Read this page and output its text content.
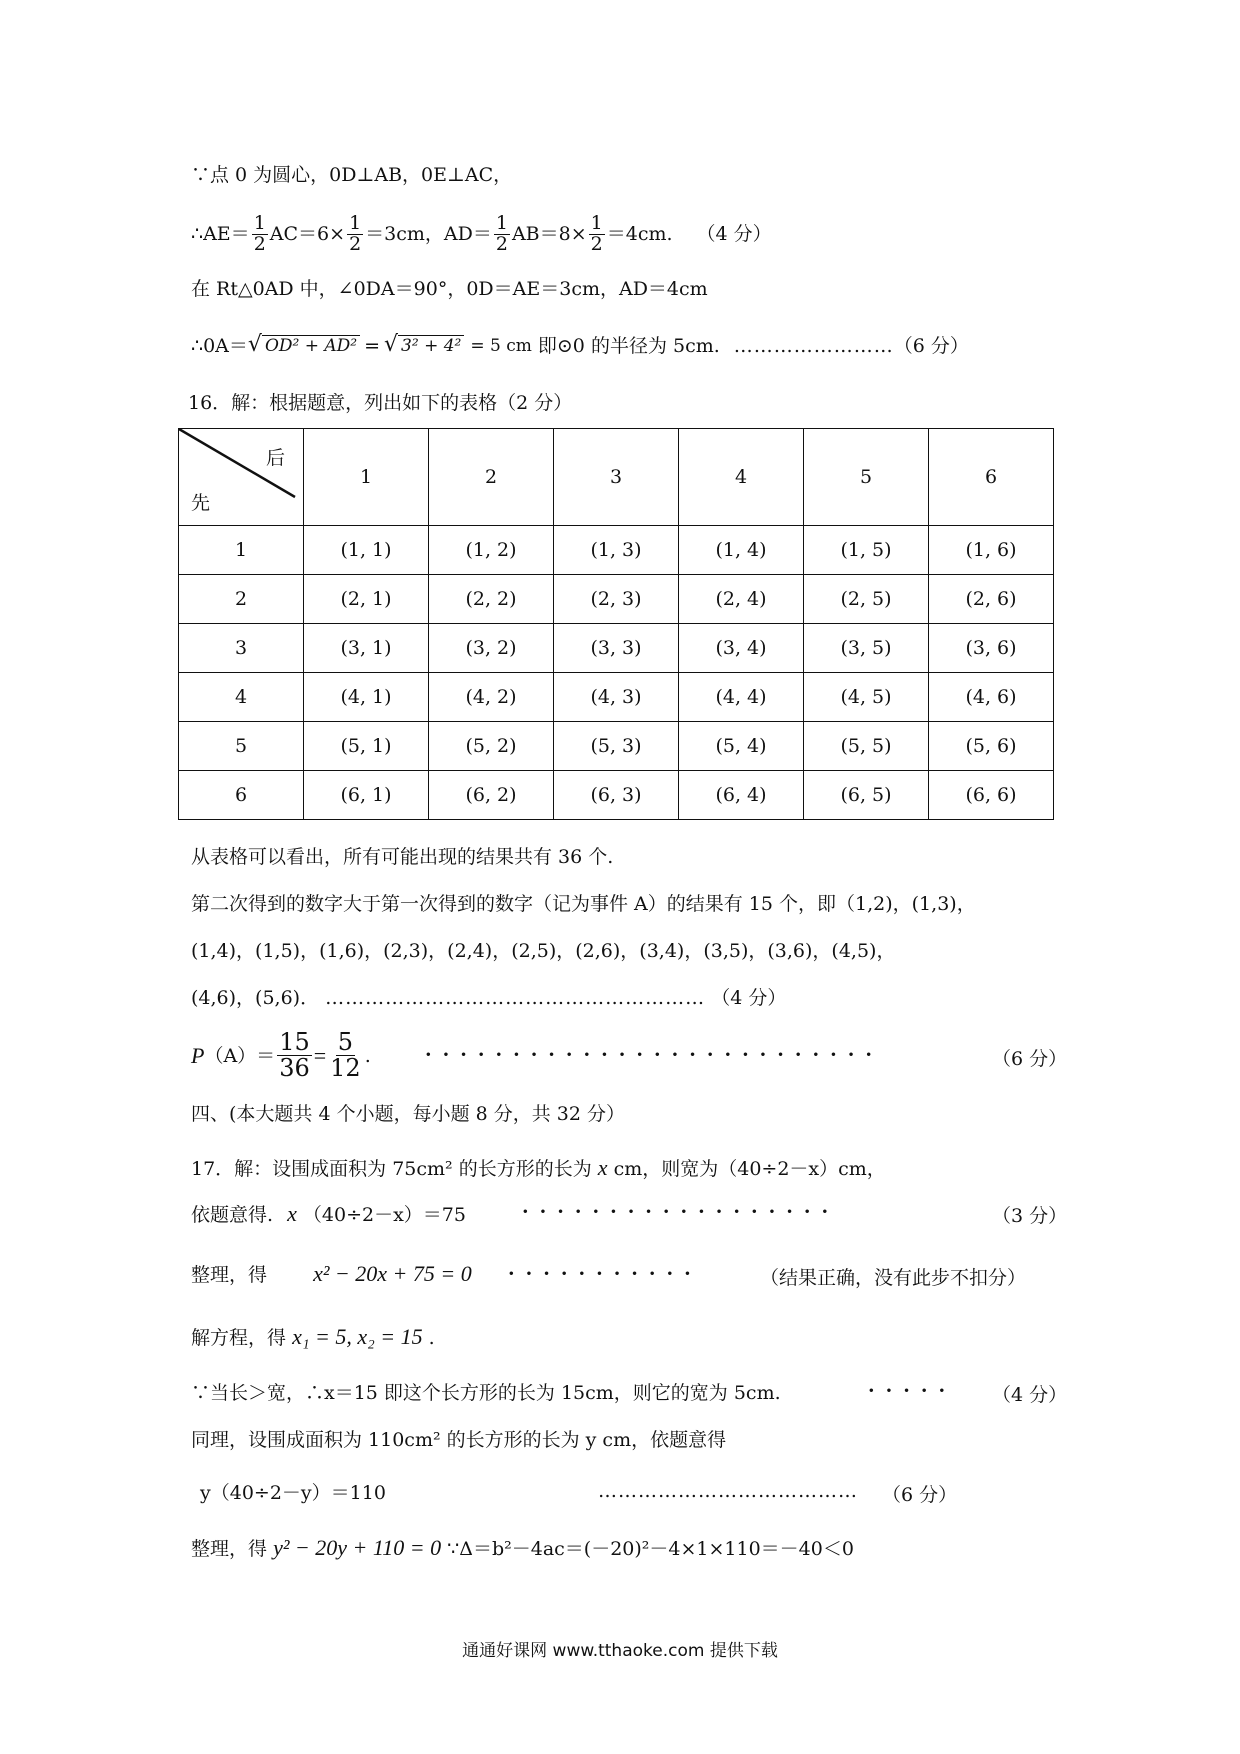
∵点 0 为圆心，0D⊥AB，0E⊥AC，
∴AE＝ $\frac{1}{2} AC=6\times \frac{1}{2} =3cm$，$AD= \frac{1}{2} AB=8\times \frac{1}{2} =4cm$. （4 分）
在 Rt△0AD 中，∠0DA＝90°，0D＝AE＝3cm，AD＝4cm
∴0A＝ √ OD² + AD² = √ 3² + 4² = 5 cm 即⊙0 的半径为 5cm. …………………… （6 分）
16．解：根据题意，列出如下的表格（2 分）
后
先	1	2	3	4	5	6
1	(1, 1)	(1, 2)	(1, 3)	(1, 4)	(1, 5)	(1, 6)
2	(2, 1)	(2, 2)	(2, 3)	(2, 4)	(2, 5)	(2, 6)
3	(3, 1)	(3, 2)	(3, 3)	(3, 4)	(3, 5)	(3, 6)
4	(4, 1)	(4, 2)	(4, 3)	(4, 4)	(4, 5)	(4, 6)
5	(5, 1)	(5, 2)	(5, 3)	(5, 4)	(5, 5)	(5, 6)
6	(6, 1)	(6, 2)	(6, 3)	(6, 4)	(6, 5)	(6, 6)
从表格可以看出，所有可能出现的结果共有 36 个.
第二次得到的数字大于第一次得到的数字（记为事件 A）的结果有 15 个，即（1,2)，(1,3)，
(1,4)，(1,5)，(1,6)，(2,3)，(2,4)，(2,5)，(2,6)，(3,4)，(3,5)，(3,6)，(4,5)，
(4,6)，(5,6)． ………………………………………………… （4 分）
P $(A)= \frac{15}{36} = \frac{5}{12}$ .	··························	（6 分）
四、(本大题共 4 个小题，每小题 8 分，共 32 分）
17．解：设围成面积为 75cm² 的长方形的长为 x cm，则宽为（40÷2－x）cm，
依题意得. x （40÷2－x）＝75	··················	（3 分）
整理，得 x² − 20x + 75 = 0 ···········	（结果正确，没有此步不扣分）
解方程，得 x₁ = 5, x₂ = 15 .
∵当长＞宽，∴x＝15 即这个长方形的长为 15cm，则它的宽为 5cm.	····· （4 分）
同理，设围成面积为 110cm² 的长方形的长为 y cm，依题意得
y（40÷2－y）＝110	………………………………… （6 分）
整理，得 y² − 20y + 110 = 0 ∵Δ＝b²－4ac＝(－20)²－4×1×110＝－40＜0
通通好课网 www.tthaoke.com 提供下载
